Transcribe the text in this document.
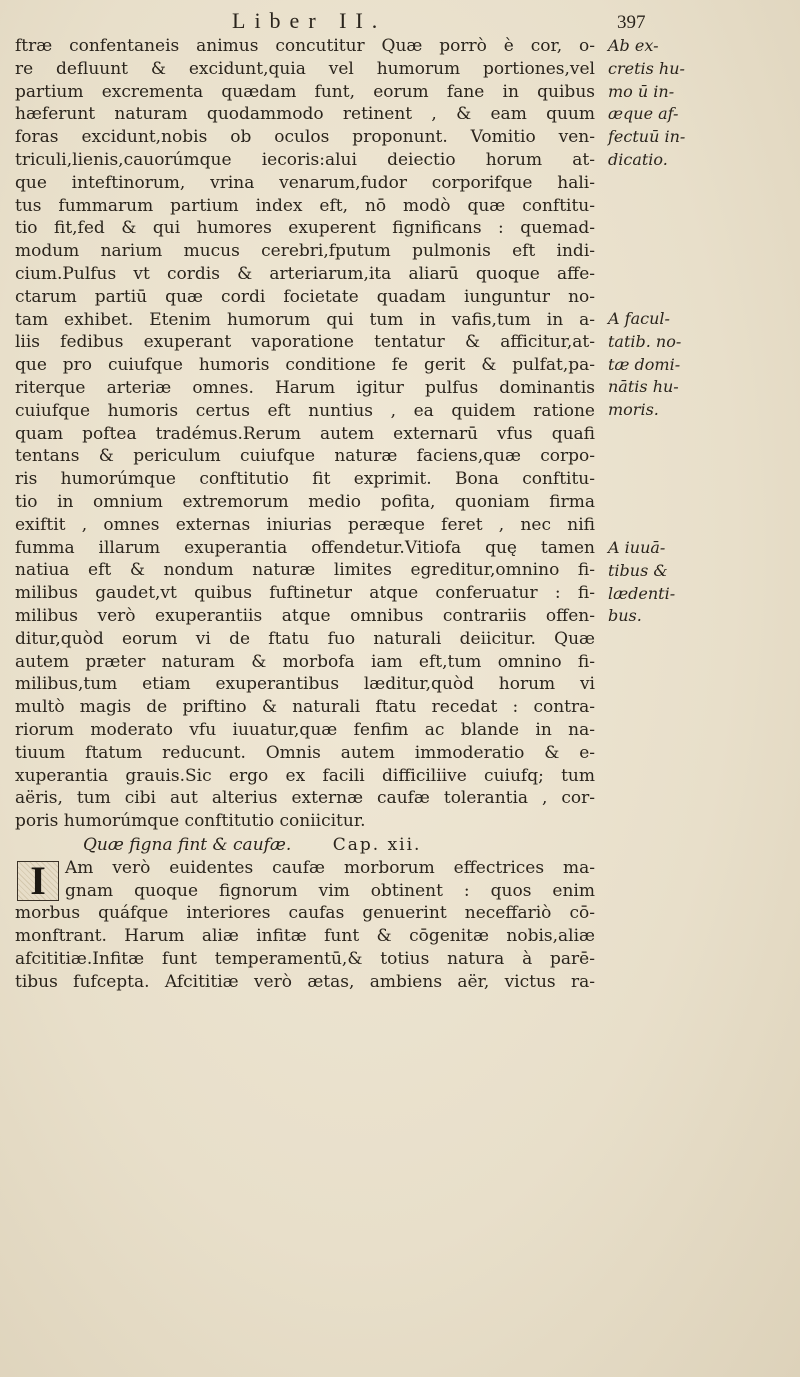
Liber II.	397
ftræ confentaneis animus concutitur Quæ porrò è cor, o-
re defluunt & excidunt,quia vel humorum portiones,vel
partium excrementa quædam funt, eorum fane in quibus
hæferunt naturam quodammodo retinent , & eam quum
foras excidunt,nobis ob oculos proponunt. Vomitio ven-
triculi,lienis,cauorúmque iecoris:alui deiectio horum at-
que inteftinorum, vrina venarum,fudor corporifque hali-
tus fummarum partium index eft, nō modò quæ conftitu-
tio fit,fed & qui humores exuperent fignificans : quemad-
modum narium mucus cerebri,fputum pulmonis eft indi-
cium.Pulfus vt cordis & arteriarum,ita aliarū quoque affe-
ctarum partiū quæ cordi focietate quadam iunguntur no-
tam exhibet. Etenim humorum qui tum in vafis,tum in a-
liis fedibus exuperant vaporatione tentatur & afficitur,at-
que pro cuiufque humoris conditione fe gerit & pulfat,pa-
riterque arteriæ omnes. Harum igitur pulfus dominantis
cuiufque humoris certus eft nuntius , ea quidem ratione
quam poftea tradémus.Rerum autem externarū vfus quafi
tentans & periculum cuiufque naturæ faciens,quæ corpo-
ris humorúmque conftitutio fit exprimit. Bona conftitu-
tio in omnium extremorum medio pofita, quoniam firma
exiftit , omnes externas iniurias peræque feret , nec nifi
fumma illarum exuperantia offendetur.Vitiofa quę tamen
natiua eft & nondum naturæ limites egreditur,omnino fi-
milibus gaudet,vt quibus fuftinetur atque conferuatur : fi-
milibus verò exuperantiis atque omnibus contrariis offen-
ditur,quòd eorum vi de ftatu fuo naturali deiicitur. Quæ
autem præter naturam & morbofa iam eft,tum omnino fi-
milibus,tum etiam exuperantibus læditur,quòd horum vi
multò magis de priftino & naturali ftatu recedat : contra-
riorum moderato vfu iuuatur,quæ fenfim ac blande in na-
tiuum ftatum reducunt. Omnis autem immoderatio & e-
xuperantia grauis.Sic ergo ex facili difficiliive cuiufq; tum
aëris, tum cibi aut alterius externæ caufæ tolerantia , cor-
poris humorúmque conftitutio coniicitur.
Quæ figna fint & caufæ. Cap. xii.
I	Am verò euidentes caufæ morborum effectrices ma-
gnam quoque fignorum vim obtinent : quos enim
morbus quáfque interiores caufas genuerint neceffariò cō-
monftrant. Harum aliæ infitæ funt & cōgenitæ nobis,aliæ
afcititiæ.Infitæ funt temperamentū,& totius natura à parē-
tibus fufcepta. Afcititiæ verò ætas, ambiens aër, victus ra-
Ab ex-
cretis hu-
mo ū in-
æque af-
fectuū in-
dicatio.
A facul-
tatib. no-
tæ domi-
nātis hu-
moris.
A iuuā-
tibus &
lædenti-
bus.
